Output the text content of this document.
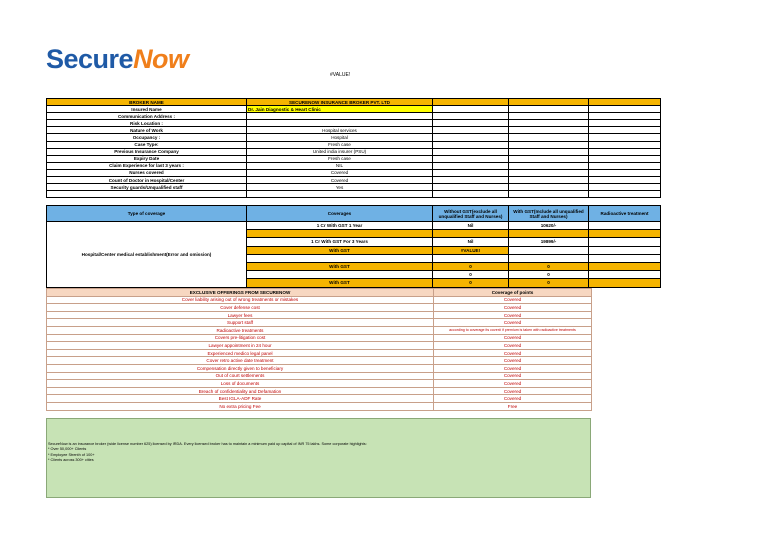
SecureNow
#VALUE!
BROKER NAME	SECURENOW INSURANCE BROKER PVT. LTD			
Insured Name	Dr. Jain Diagnostic & Heart Clinic			
Communication Address :				
Risk Location :				
Nature of Work	Hospital services			
Occupancy :	Hospital			
Case Type:	Fresh case			
Previous Insurance Company	United india insurer (PSU)			
Expiry Date	Fresh case			
Claim Experience for last 3 years :	NIL			
Nurses covered	Covered			
Count of Doctor in Hospital/Center	Covered			
Security guards/Unqualified staff	Yes			

Type of coverage	Coverages	Without GST(exclude all unqualified Staff and Nurses)	With GST(Include all unqualified Staff and Nurses)	Radioactive treatment
Hospital/Center medical establishment(Error and omission)	1 Cr With GST 1 Year	Nil	10620/-	

	1 Cr With GST For 3 Years	Nil	19899/-	
	With GST	#VALUE!		

	With GST	0	0	
		0	0	
	With GST	0	0	
EXCLUSIVE OFFERINGS FROM SECURENOW	Coverage of points
Cover liability arising out of wrong treatments or mistakes	Covered
Cover defense cost	Covered
Lawyer fees	Covered
Support staff	Covered
Radioactive treatments	according to coverage its cover# if premium is taken with radioactive treatments
Covers pre-litigation cost	Covered
Lawyer appointment in 24 hour	Covered
Experienced medico legal panel	Covered
Cover retro active date treatment	Covered
Compensation directly given to beneficiary	Covered
Out of court settlements	Covered
Loss of documents	Covered
Breach of confidentiality and Defamation	Covered
Best IGLA-ADF Rate	Covered
No extra pricing Fee	Free
SecureNow is an insurance broker (wide license number 625) licensed by IRDA. Every licensed broker has to maintain a minimum paid up capital of INR 75 lakhs. Some corporate highlights:
* Over 50,000+ Clients
* Employee Strenth of 100+
* Clients across 300+ cities
